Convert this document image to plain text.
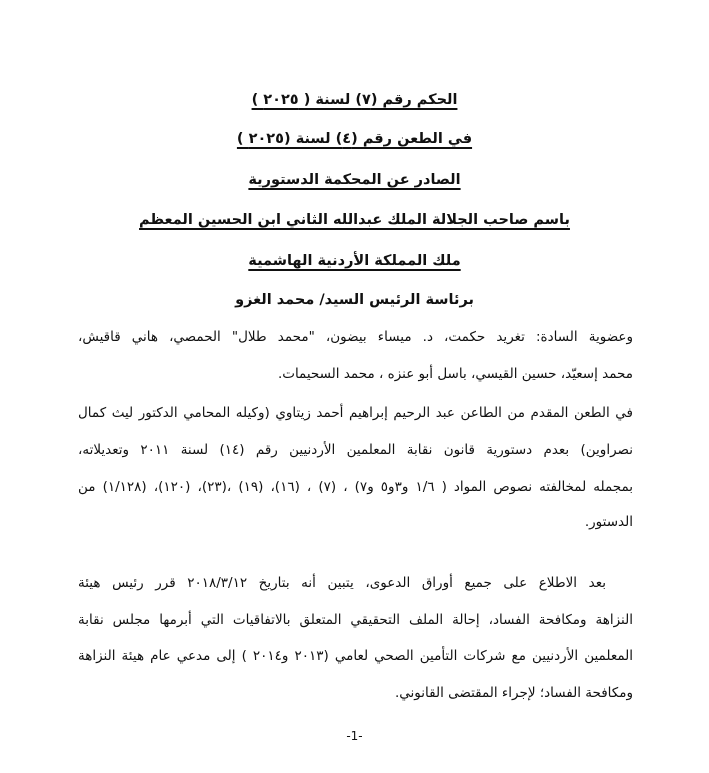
الحكم رقم (٧) لسنة ( ٢٠٢٥ )
في الطعن رقم (٤) لسنة (٢٠٢٥ )
الصادر عن المحكمة الدستورية
باسم صاحب الجلالة الملك عبدالله الثاني ابن الحسين المعظم
ملك المملكة الأردنية الهاشمية
برئاسة الرئيس السيد/ محمد الغزو
وعضوية السادة: تغريد حكمت، د. ميساء بيضون، "محمد طلال" الحمصي، هاني قاقيش،
محمد إسعيّد، حسين القيسي، باسل أبو عنزه ، محمد السحيمات.
في الطعن المقدم من الطاعن عبد الرحيم إبراهيم أحمد زيتاوي (وكيله المحامي الدكتور ليث كمال
نصراوين) بعدم دستورية قانون نقابة المعلمين الأردنيين رقم (١٤) لسنة ٢٠١١ وتعديلاته،
بمجمله لمخالفته نصوص المواد ( ١/٦ و٣و٥ و٧) ، (٧) ، (١٦)، (١٩) ،(٢٣)، (١٢٠)، (١/١٢٨) من
الدستور.
بعد الاطلاع على جميع أوراق الدعوى، يتبين أنه بتاريخ ٢٠١٨/٣/١٢ قرر رئيس هيئة
النزاهة ومكافحة الفساد، إحالة الملف التحقيقي المتعلق بالاتفاقيات التي أبرمها مجلس نقابة
المعلمين الأردنيين مع شركات التأمين الصحي لعامي (٢٠١٣ و٢٠١٤ ) إلى مدعي عام هيئة النزاهة
ومكافحة الفساد؛ لإجراء المقتضى القانوني.
-1-
